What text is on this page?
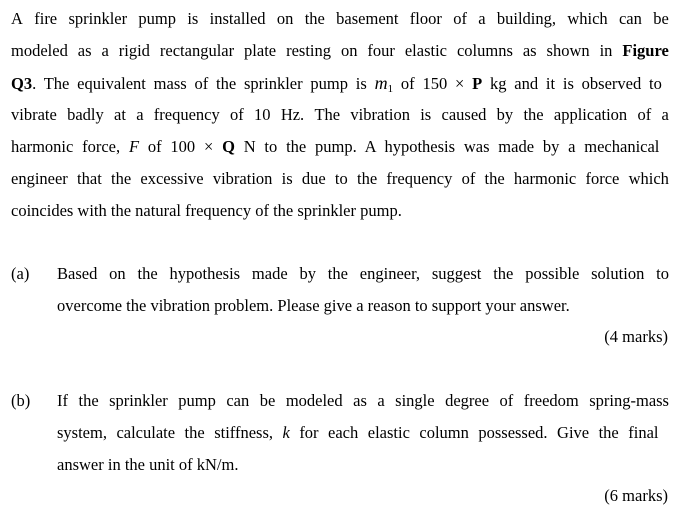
A fire sprinkler pump is installed on the basement floor of a building, which can be
modeled as a rigid rectangular plate resting on four elastic columns as shown in Figure
Q3. The equivalent mass of the sprinkler pump is $m_1$ of 150 × P kg and it is observed to
vibrate badly at a frequency of 10 Hz. The vibration is caused by the application of a
harmonic force, F of 100 × Q N to the pump. A hypothesis was made by a mechanical
engineer that the excessive vibration is due to the frequency of the harmonic force which
coincides with the natural frequency of the sprinkler pump.
(a) Based on the hypothesis made by the engineer, suggest the possible solution to
overcome the vibration problem. Please give a reason to support your answer.
(4 marks)
(b) If the sprinkler pump can be modeled as a single degree of freedom spring-mass
system, calculate the stiffness, k for each elastic column possessed. Give the final
answer in the unit of kN/m.
(6 marks)
